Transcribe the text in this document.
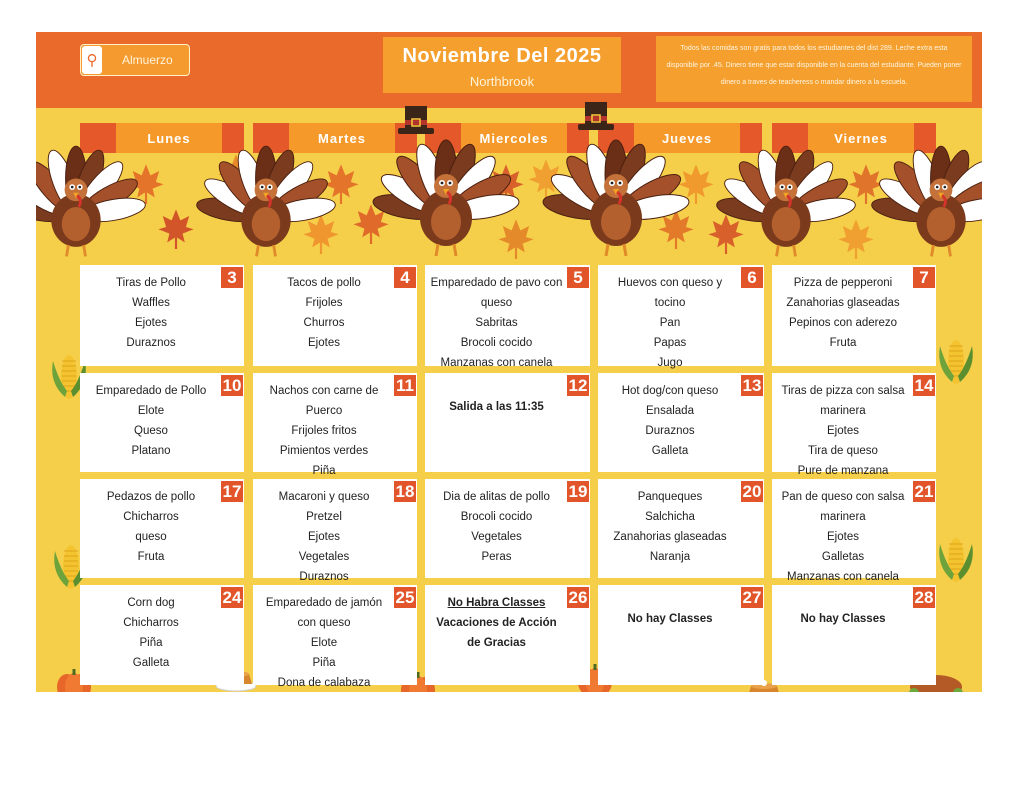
⚲	Almuerzo	Noviembre Del 2025
Northbrook
Todos las comidas son gratis para todos los estudiantes del dist 289. Leche extra esta disponible por .45. Dinero tiene que estar disponible en la cuenta del estudiante. Pueden poner dinero a traves de teacheress o mandar dinero a la escuela.
Lunes	Martes	Miercoles	Jueves	Viernes
3
Tiras de Pollo
Waffles
Ejotes
Duraznos
4
Tacos de pollo
Frijoles
Churros
Ejotes
5
Emparedado de pavo con
queso
Sabritas
Brocoli cocido
Manzanas con canela
6
Huevos con queso y
tocino
Pan
Papas
Jugo
7
Pizza de pepperoni
Zanahorias glaseadas
Pepinos con aderezo
Fruta
10
Emparedado de Pollo
Elote
Queso
Platano
11
Nachos con carne de
Puerco
Frijoles fritos
Pimientos verdes
Piña
12
Salida a las 11:35
13
Hot dog/con queso
Ensalada
Duraznos
Galleta
14
Tiras de pizza con salsa
marinera
Ejotes
Tira de queso
Pure de manzana
17
Pedazos de pollo
Chicharros
queso
Fruta
18
Macaroni y queso
Pretzel
Ejotes
Vegetales
Duraznos
19
Dia de alitas de pollo
Brocoli cocido
Vegetales
Peras
20
Panqueques
Salchicha
Zanahorias glaseadas
Naranja
21
Pan de queso con salsa
marinera
Ejotes
Galletas
Manzanas con canela
24
Corn dog
Chicharros
Piña
Galleta
25
Emparedado de jamón
con queso
Elote
Piña
Dona de calabaza
26
No Habra Classes
Vacaciones de Acción
de Gracias
27
No hay Classes
28
No hay Classes
